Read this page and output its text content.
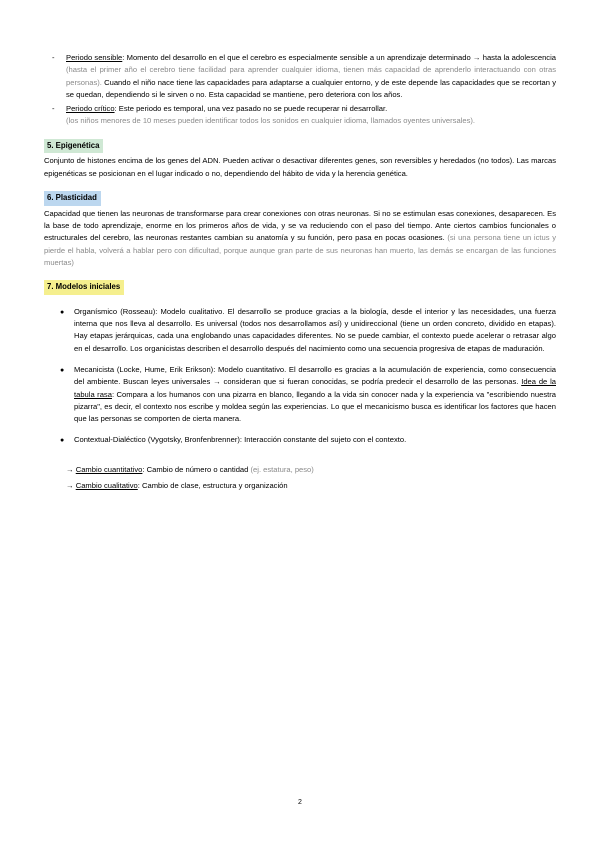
-	Periodo sensible: Momento del desarrollo en el que el cerebro es especialmente sensible a un aprendizaje determinado → hasta la adolescencia (hasta el primer año el cerebro tiene facilidad para aprender cualquier idioma, tienen más capacidad de aprenderlo interactuando con otras personas). Cuando el niño nace tiene las capacidades para adaptarse a cualquier entorno, y de este depende las capacidades que se recortan y se quedan, dependiendo si le sirven o no. Esta capacidad se mantiene, pero deteriora con los años.
-	Periodo crítico: Este periodo es temporal, una vez pasado no se puede recuperar ni desarrollar.
(los niños menores de 10 meses pueden identificar todos los sonidos en cualquier idioma, llamados oyentes universales).
5. Epigenética
Conjunto de histones encima de los genes del ADN. Pueden activar o desactivar diferentes genes, son reversibles y heredados (no todos). Las marcas epigenéticas se posicionan en el lugar indicado o no, dependiendo del hábito de vida y la herencia genética.
6. Plasticidad
Capacidad que tienen las neuronas de transformarse para crear conexiones con otras neuronas. Si no se estimulan esas conexiones, desaparecen. Es la base de todo aprendizaje, enorme en los primeros años de vida, y se va reduciendo con el paso del tiempo. Ante ciertos cambios funcionales o estructurales del cerebro, las neuronas restantes cambian su anatomía y su función, pero pasa en pocas ocasiones. (si una persona tiene un ictus y pierde el habla, volverá a hablar pero con dificultad, porque aunque gran parte de sus neuronas han muerto, las demás se encargan de las funciones muertas)
7. Modelos iniciales
●	Organísmico (Rosseau): Modelo cualitativo. El desarrollo se produce gracias a la biología, desde el interior y las necesidades, una fuerza interna que nos lleva al desarrollo. Es universal (todos nos desarrollamos así) y unidireccional (tiene un orden concreto, dividido en etapas). Hay etapas jerárquicas, cada una englobando unas capacidades diferentes. No se puede cambiar, el contexto puede acelerar o retrasar algo en el desarrollo. Los organicistas describen el desarrollo después del nacimiento como una secuencia progresiva de etapas de maduración.
●	Mecanicista (Locke, Hume, Erik Erikson): Modelo cuantitativo. El desarrollo es gracias a la acumulación de experiencia, como consecuencia del ambiente. Buscan leyes universales → consideran que si fueran conocidas, se podría predecir el desarrollo de las personas. Idea de la tabula rasa: Compara a los humanos con una pizarra en blanco, llegando a la vida sin conocer nada y la experiencia va "escribiendo nuestra pizarra", es decir, el contexto nos escribe y moldea según las experiencias. Lo que el mecanicismo busca es identificar los factores que hacen que las personas se comporten de cierta manera.
●	Contextual-Dialéctico (Vygotsky, Bronfenbrenner): Interacción constante del sujeto con el contexto.
→ Cambio cuantitativo: Cambio de número o cantidad (ej. estatura, peso)
→ Cambio cualitativo: Cambio de clase, estructura y organización
2
